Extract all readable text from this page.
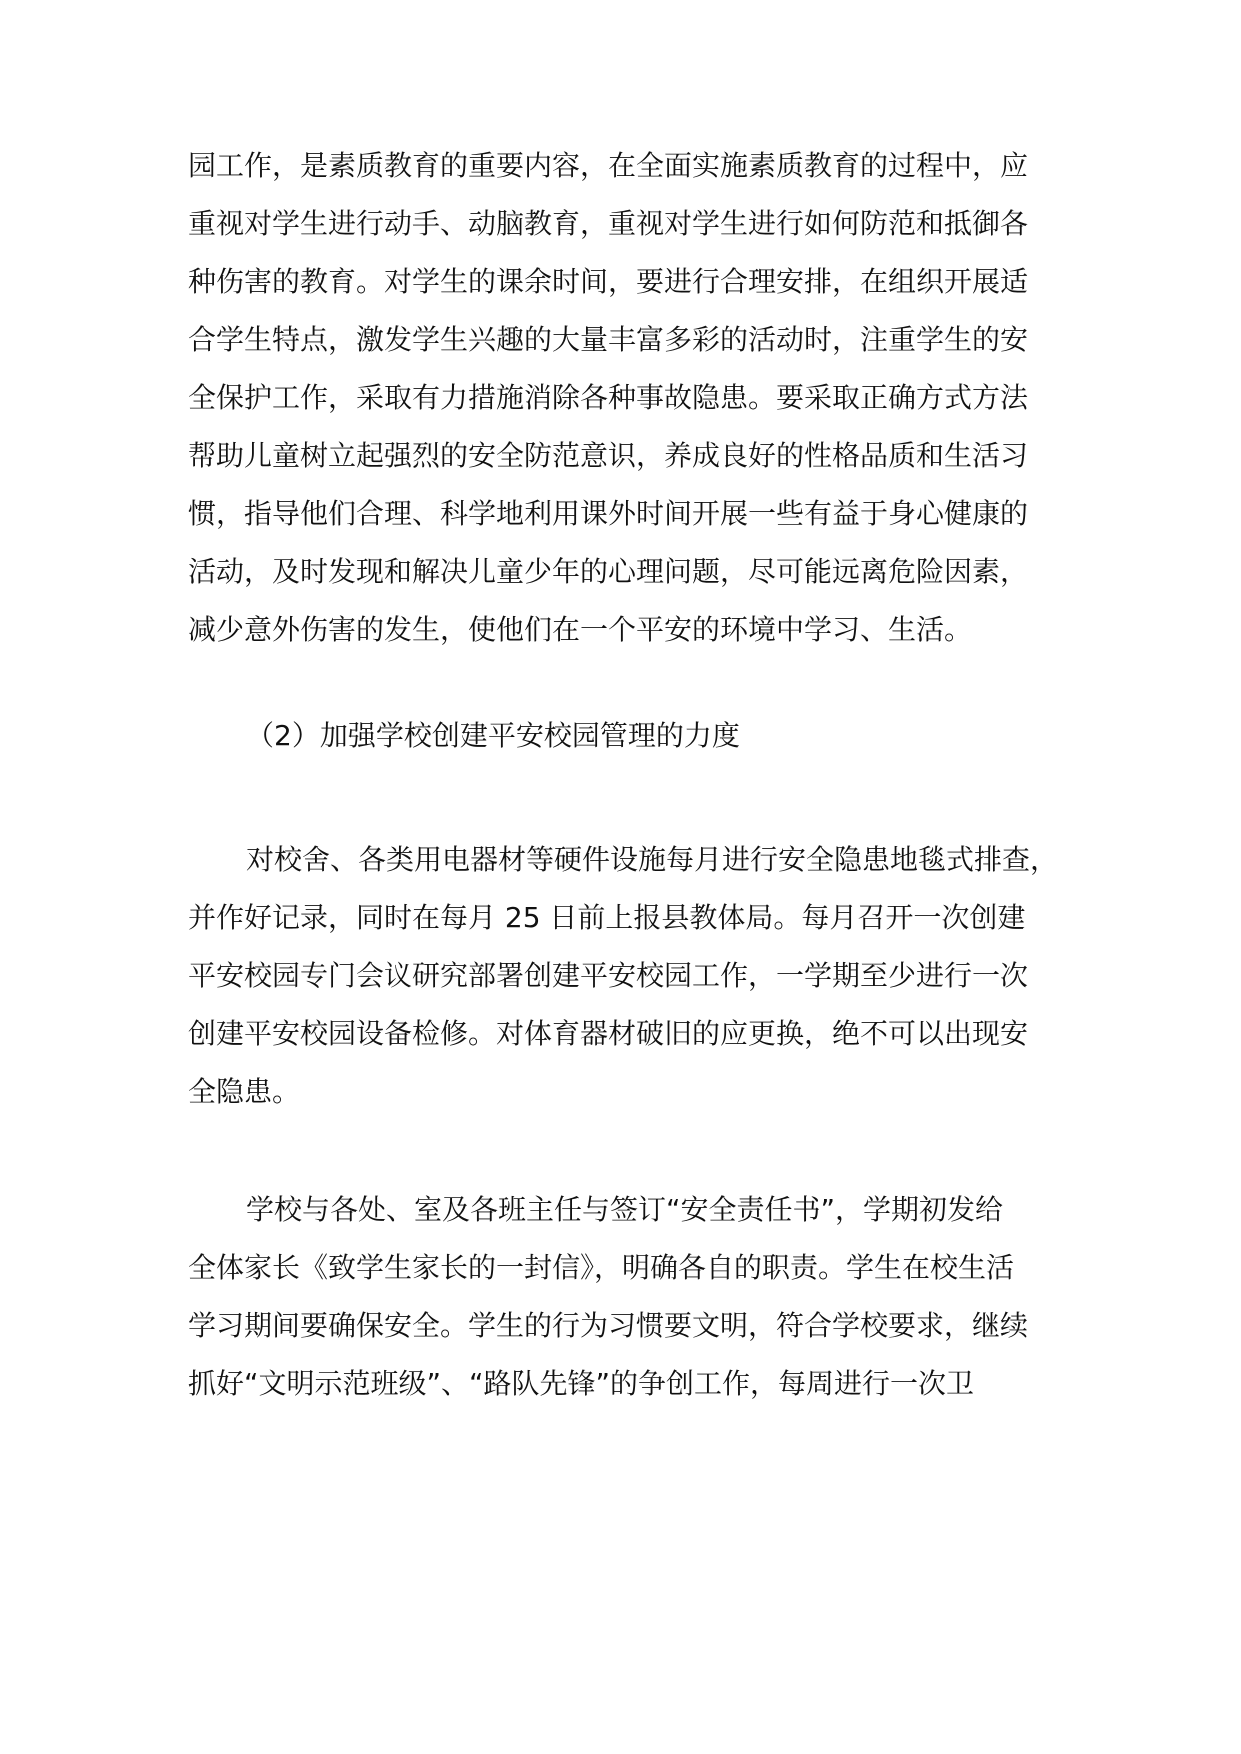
园工作，是素质教育的重要内容，在全面实施素质教育的过程中，应
重视对学生进行动手、动脑教育，重视对学生进行如何防范和抵御各
种伤害的教育。对学生的课余时间，要进行合理安排，在组织开展适
合学生特点，激发学生兴趣的大量丰富多彩的活动时，注重学生的安
全保护工作，采取有力措施消除各种事故隐患。要采取正确方式方法
帮助儿童树立起强烈的安全防范意识，养成良好的性格品质和生活习
惯，指导他们合理、科学地利用课外时间开展一些有益于身心健康的
活动，及时发现和解决儿童少年的心理问题，尽可能远离危险因素，
减少意外伤害的发生，使他们在一个平安的环境中学习、生活。
（2）加强学校创建平安校园管理的力度
对校舍、各类用电器材等硬件设施每月进行安全隐患地毯式排查，
并作好记录，同时在每月 25 日前上报县教体局。每月召开一次创建
平安校园专门会议研究部署创建平安校园工作，一学期至少进行一次
创建平安校园设备检修。对体育器材破旧的应更换，绝不可以出现安
全隐患。
学校与各处、室及各班主任与签订“安全责任书”，学期初发给
全体家长《致学生家长的一封信》，明确各自的职责。学生在校生活
学习期间要确保安全。学生的行为习惯要文明，符合学校要求，继续
抓好“文明示范班级”、“路队先锋”的争创工作，每周进行一次卫
